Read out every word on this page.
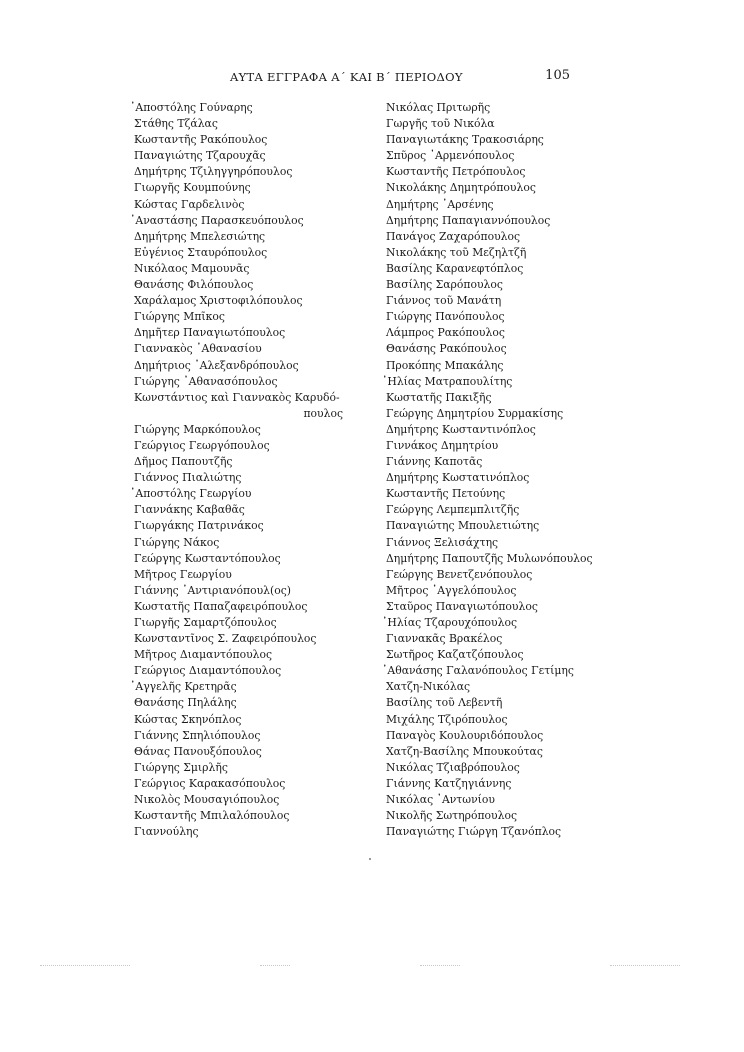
ΑΥΤΑ ΕΓΓΡΑΦΑ Α΄ ΚΑΙ Β΄ ΠΕΡΙΟΔΟΥ	105
᾿Αποστόλης Γούναρης
Στάθης Τζάλας
Κωσταντῆς Ρακόπουλος
Παναγιώτης Τζαρουχᾶς
Δημήτρης Τζιληγγηρόπουλος
Γιωργῆς Κουμπούνης
Κώστας Γαρδελινὸς
᾿Αναστάσης Παρασκευόπουλος
Δημήτρης Μπελεσιώτης
Εὐγένιος Σταυρόπουλος
Νικόλαος Μαμουνᾶς
Θανάσης Φιλόπουλος
Χαράλαμος Χριστοφιλόπουλος
Γιώργης Μπῖκος
Δημῆτερ Παναγιωτόπουλος
Γιαννακὸς ᾿Αθανασίου
Δημήτριος ᾿Αλεξανδρόπουλος
Γιώργης ᾿Αθανασόπουλος
Κωνστάντιος καὶ Γιαννακὸς Καρυδό-
πουλος
Γιώργης Μαρκόπουλος
Γεώργιος Γεωργόπουλος
Δῆμος Παπουτζῆς
Γιάννος Πιαλιώτης
᾿Αποστόλης Γεωργίου
Γιαννάκης Καβαθᾶς
Γιωργάκης Πατρινάκος
Γιώργης Νάκος
Γεώργης Κωσταντόπουλος
Μῆτρος Γεωργίου
Γιάννης ᾿Αντιριανόπουλ(ος)
Κωστατῆς Παπαζαφειρόπουλος
Γιωργῆς Σαμαρτζόπουλος
Κωνσταντῖνος Σ. Ζαφειρόπουλος
Μῆτρος Διαμαντόπουλος
Γεώργιος Διαμαντόπουλος
᾿Αγγελῆς Κρετηρᾶς
Θανάσης Πηλάλης
Κώστας Σκηνόπλος
Γιάννης Σπηλιόπουλος
Θάνας Πανουξόπουλος
Γιώργης Σμιρλῆς
Γεώργιος Καρακασόπουλος
Νικολὸς Μουσαγιόπουλος
Κωσταντῆς Μπιλαλόπουλος
Γιαννούλης
Νικόλας Πριτωρῆς
Γωργῆς τοῦ Νικόλα
Παναγιωτάκης Τρακοσιάρης
Σπῦρος ᾿Αρμενόπουλος
Κωσταντῆς Πετρόπουλος
Νικολάκης Δημητρόπουλος
Δημήτρης ᾿Αρσένης
Δημήτρης Παπαγιαννόπουλος
Πανάγος Ζαχαρόπουλος
Νικολάκης τοῦ Μεζηλτζῆ
Βασίλης Καρανεφτόπλος
Βασίλης Σαρόπουλος
Γιάννος τοῦ Μανάτη
Γιώργης Πανόπουλος
Λάμπρος Ρακόπουλος
Θανάσης Ρακόπουλος
Προκόπης Μπακάλης
᾿Ηλίας Ματραπουλίτης
Κωστατῆς Πακιξῆς
Γεώργης Δημητρίου Συρμακίσης
Δημήτρης Κωσταντινόπλος
Γιννάκος Δημητρίου
Γιάννης Καποτᾶς
Δημήτρης Κωστατινόπλος
Κωσταντῆς Πετούνης
Γεώργης Λεμπεμπλιτζῆς
Παναγιώτης Μπουλετιώτης
Γιάννος Ξελισάχτης
Δημήτρης Παπουτζῆς Μυλωνόπουλος
Γεώργης Βενετζενόπουλος
Μῆτρος ᾿Αγγελόπουλος
Σταῦρος Παναγιωτόπουλος
᾿Ηλίας Τζαρουχόπουλος
Γιαννακᾶς Βρακέλος
Σωτῆρος Καζατζόπουλος
᾿Αθανάσης Γαλανόπουλος Γετίμης
Χατζη-Νικόλας
Βασίλης τοῦ Λεβεντῆ
Μιχάλης Τζιρόπουλος
Παναγὸς Κουλουριδόπουλος
Χατζη-Βασίλης Μπουκούτας
Νικόλας Τζιαβρόπουλος
Γιάννης Κατζηγιάννης
Νικόλας ᾿Αντωνίου
Νικολῆς Σωτηρόπουλος
Παναγιώτης Γιώργη Τζανόπλος
